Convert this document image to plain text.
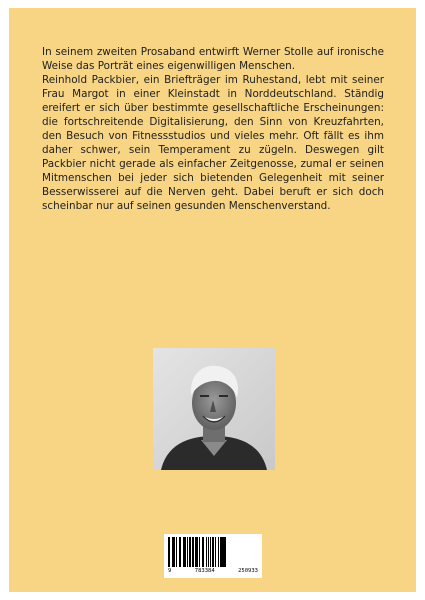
In seinem zweiten Prosaband entwirft Werner Stolle auf ironische Weise das Porträt eines eigenwilligen Menschen.

Reinhold Packbier, ein Briefträger im Ruhestand, lebt mit seiner Frau Margot in einer Kleinstadt in Norddeutschland. Ständig ereifert er sich über bestimmte gesellschaftliche Erscheinungen: die fortschreitende Digitalisierung, den Sinn von Kreuzfahrten, den Besuch von Fitnessstudios und vieles mehr. Oft fällt es ihm daher schwer, sein Temperament zu zügeln. Deswegen gilt Packbier nicht gerade als einfacher Zeitgenosse, zumal er seinen Mitmenschen bei jeder sich bietenden Gelegenheit mit seiner Besserwisserei auf die Nerven geht. Dabei beruft er sich doch scheinbar nur auf seinen gesunden Menschenverstand.

9	783384	250933
